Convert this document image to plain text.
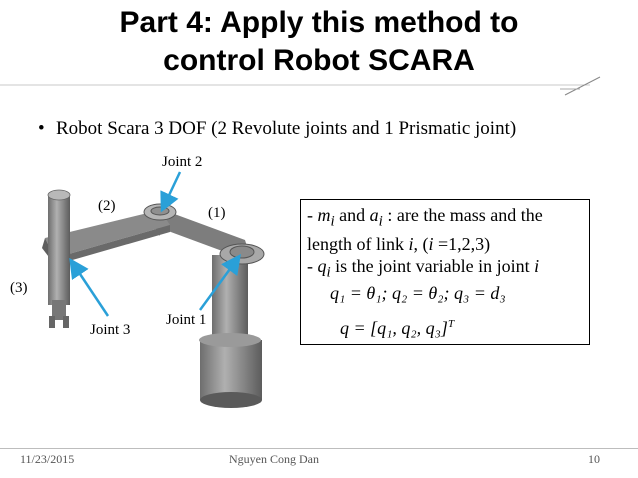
Part 4: Apply this method to
control Robot SCARA
• Robot Scara 3 DOF (2 Revolute joints and 1 Prismatic joint)
Joint 2
(2)	(1)
(3)
Joint 1
Joint 3
- $m_i$ and $a_i$ : are the mass and the
length of link i, (i =1,2,3)
- $q_i$ is the joint variable in joint i
q₁ = θ₁; q₂ = θ₂; q₃ = d₃
q = [q₁, q₂, q₃]$^T$
11/23/2015	Nguyen Cong Dan	10
